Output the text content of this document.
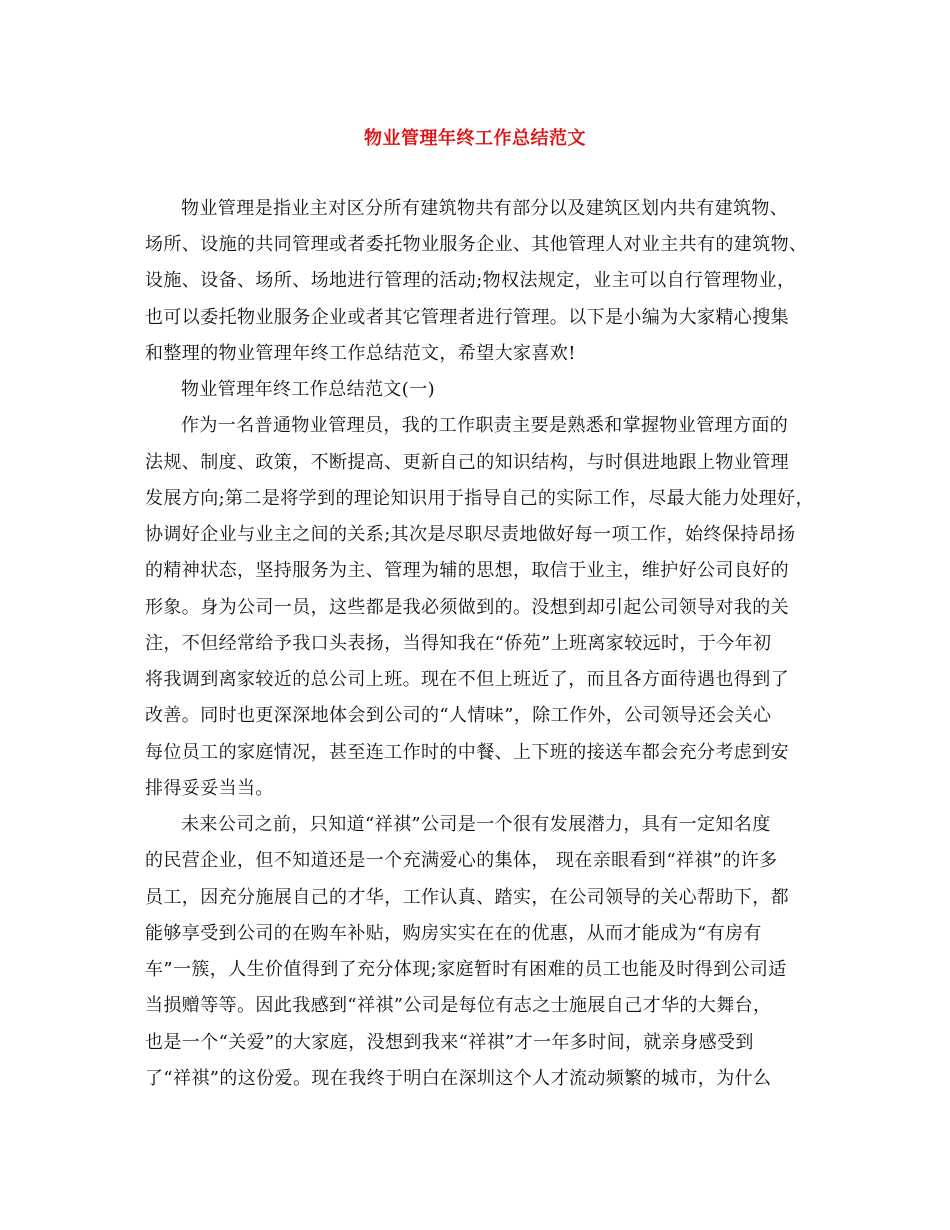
物业管理年终工作总结范文
物业管理是指业主对区分所有建筑物共有部分以及建筑区划内共有建筑物、
场所、设施的共同管理或者委托物业服务企业、其他管理人对业主共有的建筑物、
设施、设备、场所、场地进行管理的活动;物权法规定，业主可以自行管理物业，
也可以委托物业服务企业或者其它管理者进行管理。以下是小编为大家精心搜集
和整理的物业管理年终工作总结范文，希望大家喜欢!
物业管理年终工作总结范文(一)
作为一名普通物业管理员，我的工作职责主要是熟悉和掌握物业管理方面的
法规、制度、政策，不断提高、更新自己的知识结构，与时俱进地跟上物业管理
发展方向;第二是将学到的理论知识用于指导自己的实际工作，尽最大能力处理好，
协调好企业与业主之间的关系;其次是尽职尽责地做好每一项工作，始终保持昂扬
的精神状态，坚持服务为主、管理为辅的思想，取信于业主，维护好公司良好的
形象。身为公司一员，这些都是我必须做到的。没想到却引起公司领导对我的关
注，不但经常给予我口头表扬，当得知我在“侨苑”上班离家较远时，于今年初
将我调到离家较近的总公司上班。现在不但上班近了，而且各方面待遇也得到了
改善。同时也更深深地体会到公司的“人情味”，除工作外，公司领导还会关心
每位员工的家庭情况，甚至连工作时的中餐、上下班的接送车都会充分考虑到安
排得妥妥当当。
未来公司之前，只知道“祥祺”公司是一个很有发展潜力，具有一定知名度
的民营企业，但不知道还是一个充满爱心的集体， 现在亲眼看到“祥祺”的许多
员工，因充分施展自己的才华，工作认真、踏实，在公司领导的关心帮助下，都
能够享受到公司的在购车补贴，购房实实在在的优惠，从而才能成为“有房有
车”一簇，人生价值得到了充分体现;家庭暂时有困难的员工也能及时得到公司适
当损赠等等。因此我感到“祥祺”公司是每位有志之士施展自己才华的大舞台，
也是一个“关爱”的大家庭，没想到我来“祥祺”才一年多时间，就亲身感受到
了“祥祺”的这份爱。现在我终于明白在深圳这个人才流动频繁的城市，为什么
